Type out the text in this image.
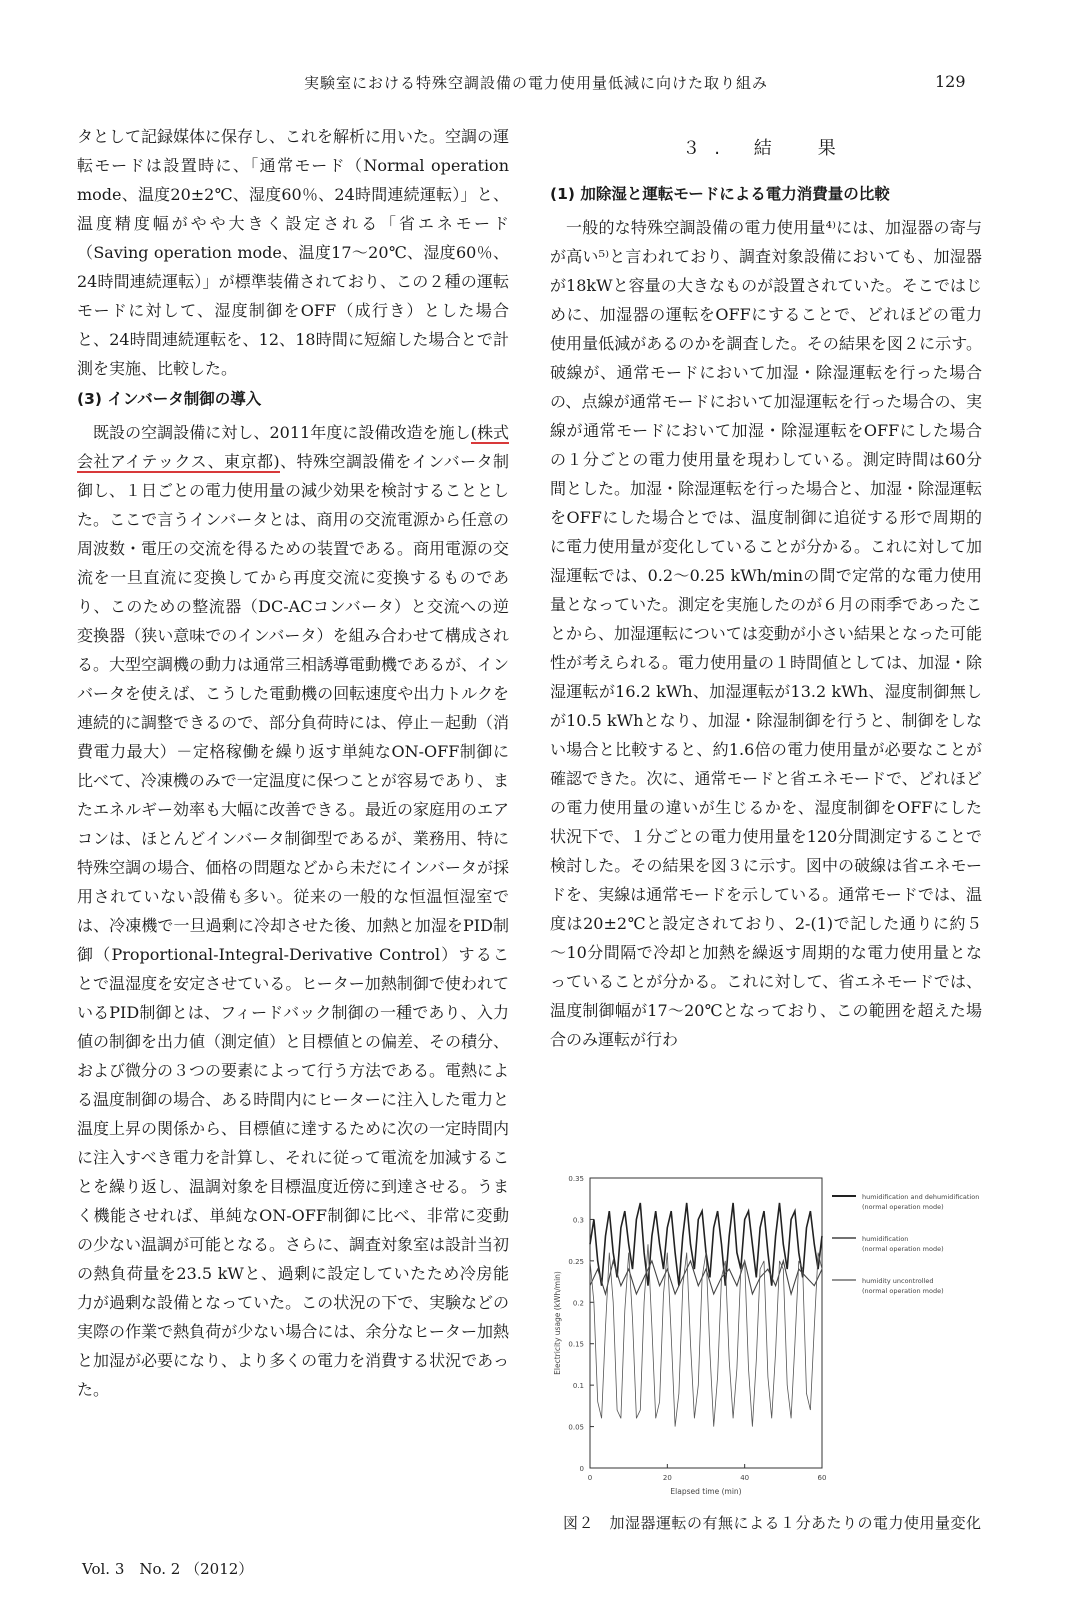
実験室における特殊空調設備の電力使用量低減に向けた取り組み	129

タとして記録媒体に保存し、これを解析に用いた。空調の運転モードは設置時に、「通常モード（Normal operation mode、温度20±2℃、湿度60％、24時間連続運転）」と、温度精度幅がやや大きく設定される「省エネモード（Saving operation mode、温度17～20℃、湿度60％、24時間連続運転）」が標準装備されており、この２種の運転モードに対して、湿度制御をOFF（成行き）とした場合と、24時間連続運転を、12、18時間に短縮した場合とで計測を実施、比較した。

(3) インバータ制御の導入

既設の空調設備に対し、2011年度に設備改造を施し(株式会社アイテックス、東京都)、特殊空調設備をインバータ制御し、１日ごとの電力使用量の減少効果を検討することとした。ここで言うインバータとは、商用の交流電源から任意の周波数・電圧の交流を得るための装置である。商用電源の交流を一旦直流に変換してから再度交流に変換するものであり、このための整流器（DC-ACコンバータ）と交流への逆変換器（狭い意味でのインバータ）を組み合わせて構成される。大型空調機の動力は通常三相誘導電動機であるが、インバータを使えば、こうした電動機の回転速度や出力トルクを連続的に調整できるので、部分負荷時には、停止－起動（消費電力最大）－定格稼働を繰り返す単純なON-OFF制御に比べて、冷凍機のみで一定温度に保つことが容易であり、またエネルギー効率も大幅に改善できる。最近の家庭用のエアコンは、ほとんどインバータ制御型であるが、業務用、特に特殊空調の場合、価格の問題などから未だにインバータが採用されていない設備も多い。従来の一般的な恒温恒湿室では、冷凍機で一旦過剰に冷却させた後、加熱と加湿をPID制御（Proportional-Integral-Derivative Control）することで温湿度を安定させている。ヒーター加熱制御で使われているPID制御とは、フィードバック制御の一種であり、入力値の制御を出力値（測定値）と目標値との偏差、その積分、および微分の３つの要素によって行う方法である。電熱による温度制御の場合、ある時間内にヒーターに注入した電力と温度上昇の関係から、目標値に達するために次の一定時間内に注入すべき電力を計算し、それに従って電流を加減することを繰り返し、温調対象を目標温度近傍に到達させる。うまく機能させれば、単純なON-OFF制御に比べ、非常に変動の少ない温調が可能となる。さらに、調査対象室は設計当初の熱負荷量を23.5 kWと、過剰に設定していたため冷房能力が過剰な設備となっていた。この状況の下で、実験などの実際の作業で熱負荷が少ない場合には、余分なヒーター加熱と加湿が必要になり、より多くの電力を消費する状況であった。

３. 結　果
(1) 加除湿と運転モードによる電力消費量の比較

一般的な特殊空調設備の電力使用量⁴⁾には、加湿器の寄与が高い⁵⁾と言われており、調査対象設備においても、加湿器が18kWと容量の大きなものが設置されていた。そこではじめに、加湿器の運転をOFFにすることで、どれほどの電力使用量低減があるのかを調査した。その結果を図２に示す。破線が、通常モードにおいて加湿・除湿運転を行った場合の、点線が通常モードにおいて加湿運転を行った場合の、実線が通常モードにおいて加湿・除湿運転をOFFにした場合の１分ごとの電力使用量を現わしている。測定時間は60分間とした。加湿・除湿運転を行った場合と、加湿・除湿運転をOFFにした場合とでは、温度制御に追従する形で周期的に電力使用量が変化していることが分かる。これに対して加湿運転では、0.2～0.25 kWh/minの間で定常的な電力使用量となっていた。測定を実施したのが６月の雨季であったことから、加湿運転については変動が小さい結果となった可能性が考えられる。電力使用量の１時間値としては、加湿・除湿運転が16.2 kWh、加湿運転が13.2 kWh、湿度制御無しが10.5 kWhとなり、加湿・除湿制御を行うと、制御をしない場合と比較すると、約1.6倍の電力使用量が必要なことが確認できた。次に、通常モードと省エネモードで、どれほどの電力使用量の違いが生じるかを、湿度制御をOFFにした状況下で、１分ごとの電力使用量を120分間測定することで検討した。その結果を図３に示す。図中の破線は省エネモードを、実線は通常モードを示している。通常モードでは、温度は20±2℃と設定されており、2-(1)で記した通りに約５～10分間隔で冷却と加熱を繰返す周期的な電力使用量となっていることが分かる。これに対して、省エネモードでは、温度制御幅が17～20℃となっており、この範囲を超えた場合のみ運転が行わ

0
0.05
0.1
0.15
0.2
0.25
0.3
0.35
0	20	40	60
Elapsed time (min)
Electricity usage (kWh/min)
humidification and dehumidification (normal operation mode)
humidification (normal operation mode)
humidity uncontrolled (normal operation mode)
図２　加湿器運転の有無による１分あたりの電力使用量変化
Vol. 3　No. 2 （2012）
